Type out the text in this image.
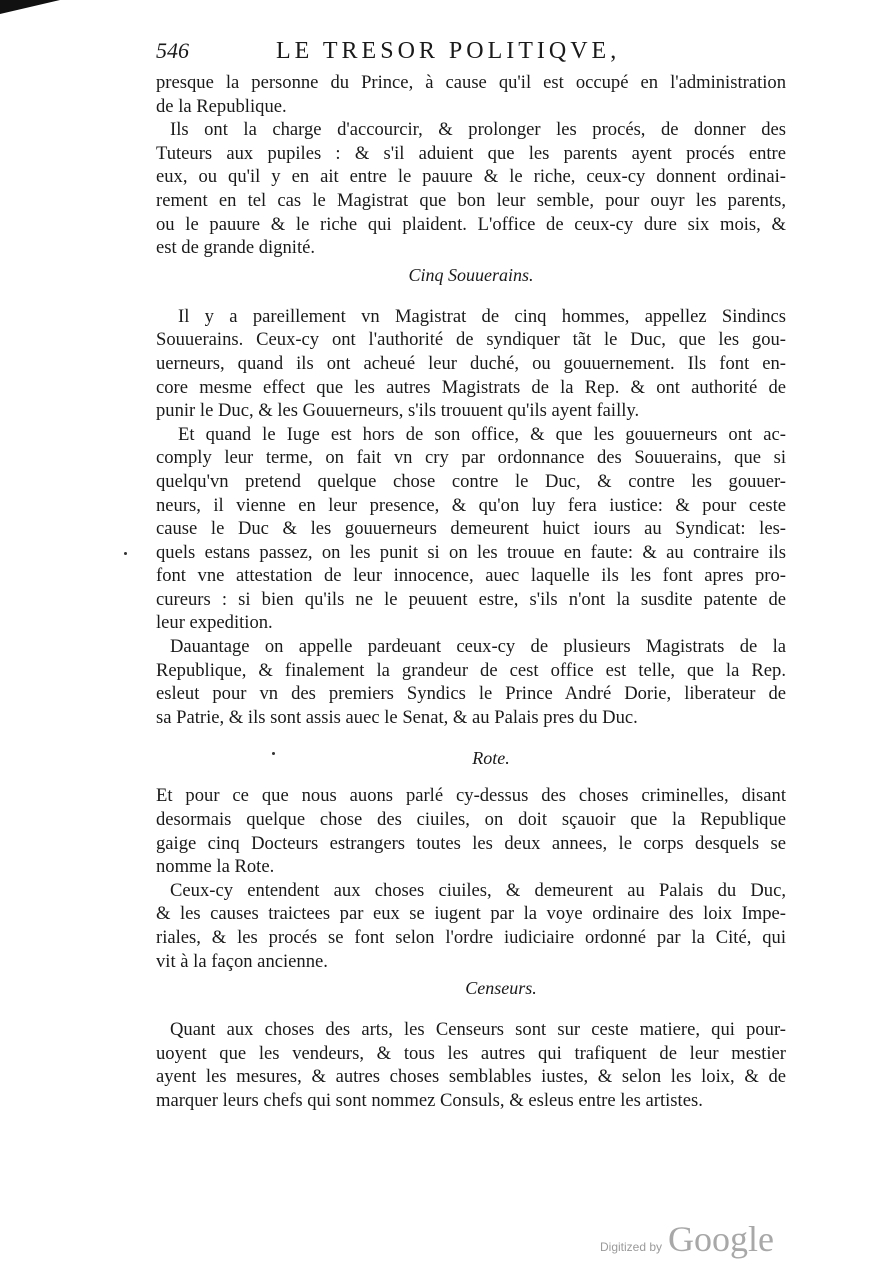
546	LE TRESOR POLITIQVE,
presque la personne du Prince, à cause qu'il est occupé en l'administration
de la Republique.
Ils ont la charge d'accourcir, & prolonger les procés, de donner des
Tuteurs aux pupiles : & s'il aduient que les parents ayent procés entre
eux, ou qu'il y en ait entre le pauure & le riche, ceux-cy donnent ordinai-
rement en tel cas le Magistrat que bon leur semble, pour ouyr les parents,
ou le pauure & le riche qui plaident. L'office de ceux-cy dure six mois, &
est de grande dignité.
Cinq Souuerains.
Il y a pareillement vn Magistrat de cinq hommes, appellez Sindincs
Souuerains. Ceux-cy ont l'authorité de syndiquer tãt le Duc, que les gou-
uerneurs, quand ils ont acheué leur duché, ou gouuernement. Ils font en-
core mesme effect que les autres Magistrats de la Rep. & ont authorité de
punir le Duc, & les Gouuerneurs, s'ils trouuent qu'ils ayent failly.
Et quand le Iuge est hors de son office, & que les gouuerneurs ont ac-
comply leur terme, on fait vn cry par ordonnance des Souuerains, que si
quelqu'vn pretend quelque chose contre le Duc, & contre les gouuer-
neurs, il vienne en leur presence, & qu'on luy fera iustice: & pour ceste
cause le Duc & les gouuerneurs demeurent huict iours au Syndicat: les-
quels estans passez, on les punit si on les trouue en faute: & au contraire ils
font vne attestation de leur innocence, auec laquelle ils les font apres pro-
cureurs : si bien qu'ils ne le peuuent estre, s'ils n'ont la susdite patente de
leur expedition.
Dauantage on appelle pardeuant ceux-cy de plusieurs Magistrats de la
Republique, & finalement la grandeur de cest office est telle, que la Rep.
esleut pour vn des premiers Syndics le Prince André Dorie, liberateur de
sa Patrie, & ils sont assis auec le Senat, & au Palais pres du Duc.
Rote.
Et pour ce que nous auons parlé cy-dessus des choses criminelles, disant
desormais quelque chose des ciuiles, on doit sçauoir que la Republique
gaige cinq Docteurs estrangers toutes les deux annees, le corps desquels se
nomme la Rote.
Ceux-cy entendent aux choses ciuiles, & demeurent au Palais du Duc,
& les causes traictees par eux se iugent par la voye ordinaire des loix Impe-
riales, & les procés se font selon l'ordre iudiciaire ordonné par la Cité, qui
vit à la façon ancienne.
Censeurs.
Quant aux choses des arts, les Censeurs sont sur ceste matiere, qui pour-
uoyent que les vendeurs, & tous les autres qui trafiquent de leur mestier
ayent les mesures, & autres choses semblables iustes, & selon les loix, & de
marquer leurs chefs qui sont nommez Consuls, & esleus entre les artistes.
Digitized by Google
